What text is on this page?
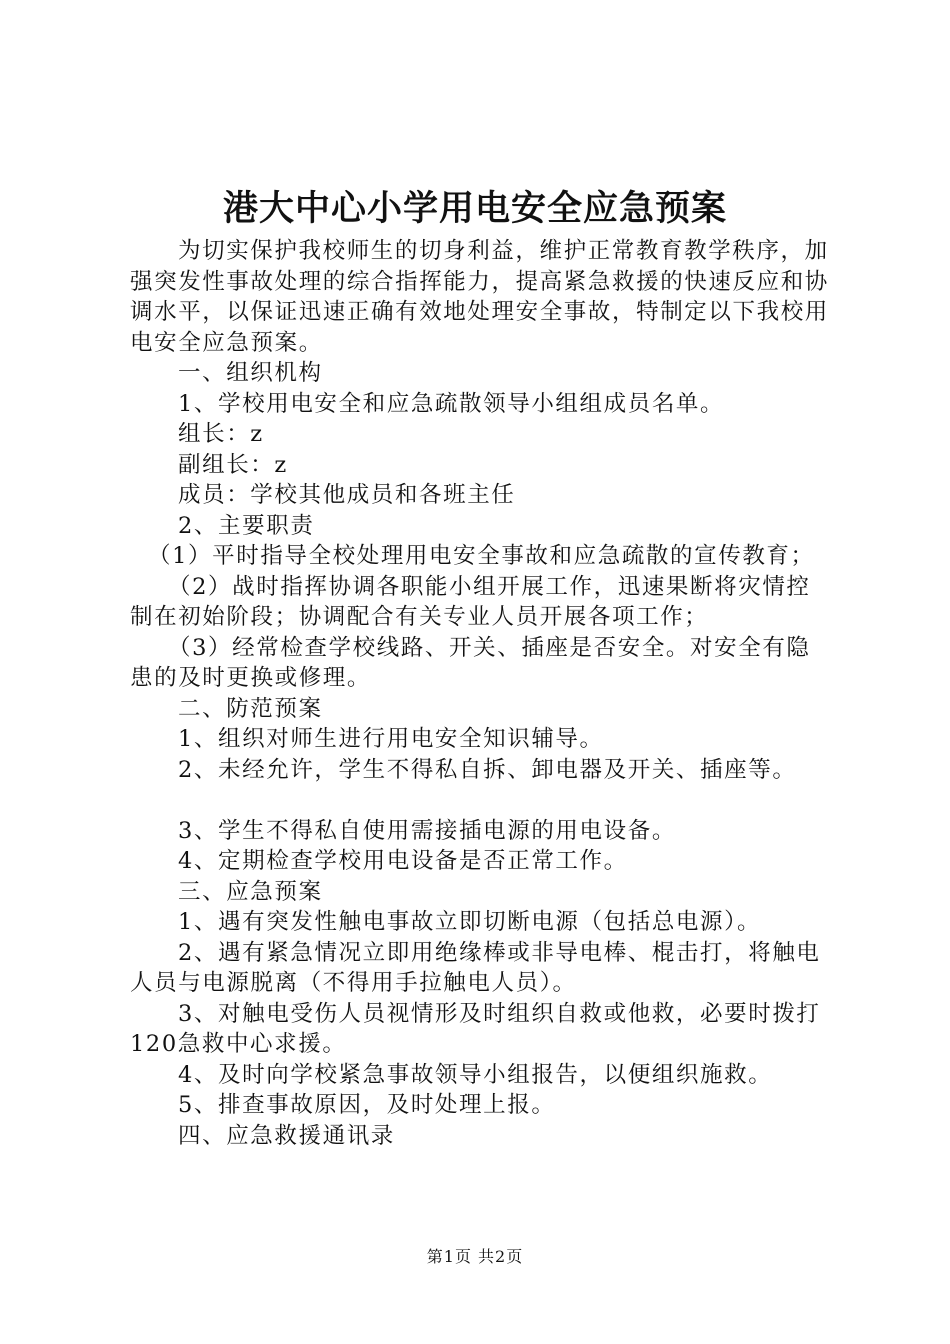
港大中心小学用电安全应急预案

为切实保护我校师生的切身利益，维护正常教育教学秩序，加强突发性事故处理的综合指挥能力，提高紧急救援的快速反应和协调水平，以保证迅速正确有效地处理安全事故，特制定以下我校用电安全应急预案。

一、组织机构

1、学校用电安全和应急疏散领导小组组成员名单。

组长：z

副组长：z

成员：学校其他成员和各班主任

2、主要职责

（1）平时指导全校处理用电安全事故和应急疏散的宣传教育；

（2）战时指挥协调各职能小组开展工作，迅速果断将灾情控制在初始阶段；协调配合有关专业人员开展各项工作；

（3）经常检查学校线路、开关、插座是否安全。对安全有隐患的及时更换或修理。

二、防范预案

1、组织对师生进行用电安全知识辅导。

2、未经允许，学生不得私自拆、卸电器及开关、插座等。

3、学生不得私自使用需接插电源的用电设备。

4、定期检查学校用电设备是否正常工作。

三、应急预案

1、遇有突发性触电事故立即切断电源（包括总电源）。

2、遇有紧急情况立即用绝缘棒或非导电棒、棍击打，将触电人员与电源脱离（不得用手拉触电人员）。

3、对触电受伤人员视情形及时组织自救或他救，必要时拨打120急救中心求援。

4、及时向学校紧急事故领导小组报告，以便组织施救。

5、排查事故原因，及时处理上报。

四、应急救援通讯录

第1页 共2页
